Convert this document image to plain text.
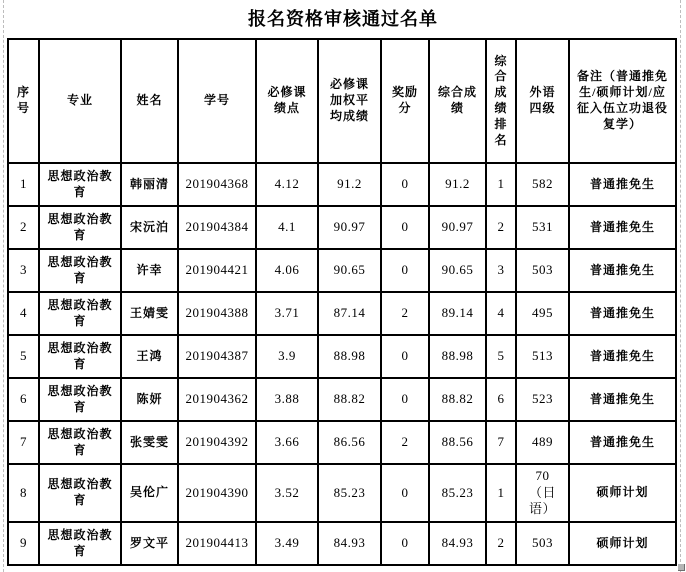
报名资格审核通过名单
序号	专业	姓名	学号	必修课绩点	必修课加权平均成绩	奖励分	综合成绩	综合成绩排名	外语四级	备注（普通推免生/硕师计划/应征入伍立功退役复学）
1	思想政治教育	韩丽清	201904368	4.12	91.2	0	91.2	1	582	普通推免生
2	思想政治教育	宋沅泊	201904384	4.1	90.97	0	90.97	2	531	普通推免生
3	思想政治教育	许幸	201904421	4.06	90.65	0	90.65	3	503	普通推免生
4	思想政治教育	王婧雯	201904388	3.71	87.14	2	89.14	4	495	普通推免生
5	思想政治教育	王鸿	201904387	3.9	88.98	0	88.98	5	513	普通推免生
6	思想政治教育	陈妍	201904362	3.88	88.82	0	88.82	6	523	普通推免生
7	思想政治教育	张雯雯	201904392	3.66	86.56	2	88.56	7	489	普通推免生
8	思想政治教育	吴伦广	201904390	3.52	85.23	0	85.23	1	70（日语）	硕师计划
9	思想政治教育	罗文平	201904413	3.49	84.93	0	84.93	2	503	硕师计划
